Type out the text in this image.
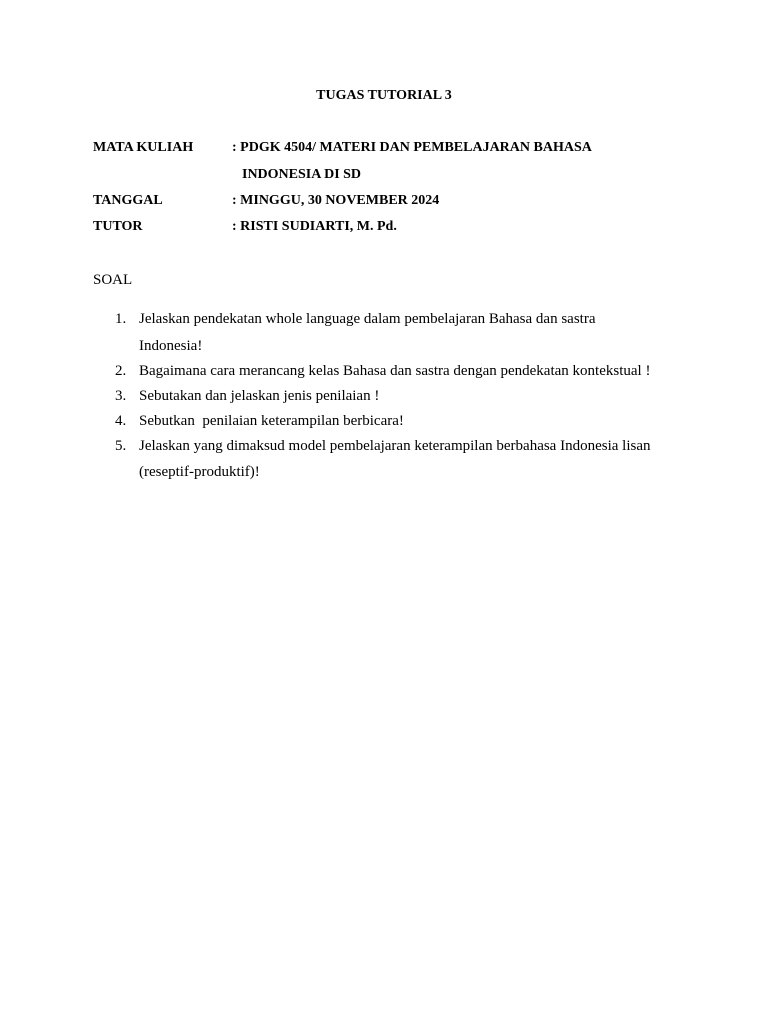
TUGAS TUTORIAL 3
MATA KULIAH	: PDGK 4504/ MATERI DAN PEMBELAJARAN BAHASA
INDONESIA DI SD
TANGGAL	: MINGGU, 30 NOVEMBER 2024
TUTOR	: RISTI SUDIARTI, M. Pd.
SOAL
1. Jelaskan pendekatan whole language dalam pembelajaran Bahasa dan sastra
Indonesia!
2. Bagaimana cara merancang kelas Bahasa dan sastra dengan pendekatan kontekstual !
3. Sebutakan dan jelaskan jenis penilaian !
4. Sebutkan  penilaian keterampilan berbicara!
5. Jelaskan yang dimaksud model pembelajaran keterampilan berbahasa Indonesia lisan
(reseptif-produktif)!
